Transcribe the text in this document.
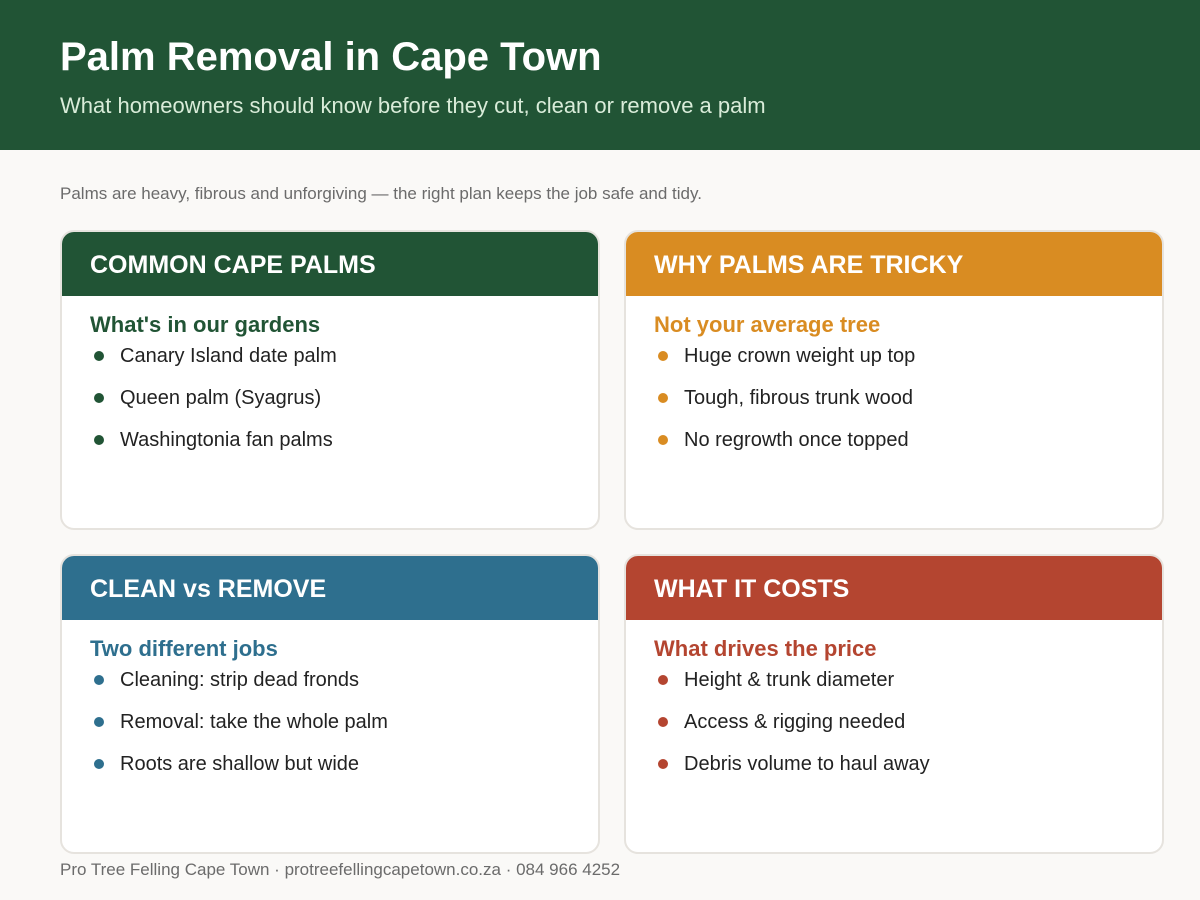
Palm Removal in Cape Town
What homeowners should know before they cut, clean or remove a palm
Palms are heavy, fibrous and unforgiving — the right plan keeps the job safe and tidy.
COMMON CAPE PALMS
What's in our gardens
Canary Island date palm
Queen palm (Syagrus)
Washingtonia fan palms
WHY PALMS ARE TRICKY
Not your average tree
Huge crown weight up top
Tough, fibrous trunk wood
No regrowth once topped
CLEAN vs REMOVE
Two different jobs
Cleaning: strip dead fronds
Removal: take the whole palm
Roots are shallow but wide
WHAT IT COSTS
What drives the price
Height & trunk diameter
Access & rigging needed
Debris volume to haul away
Pro Tree Felling Cape Town · protreefellingcapetown.co.za · 084 966 4252
